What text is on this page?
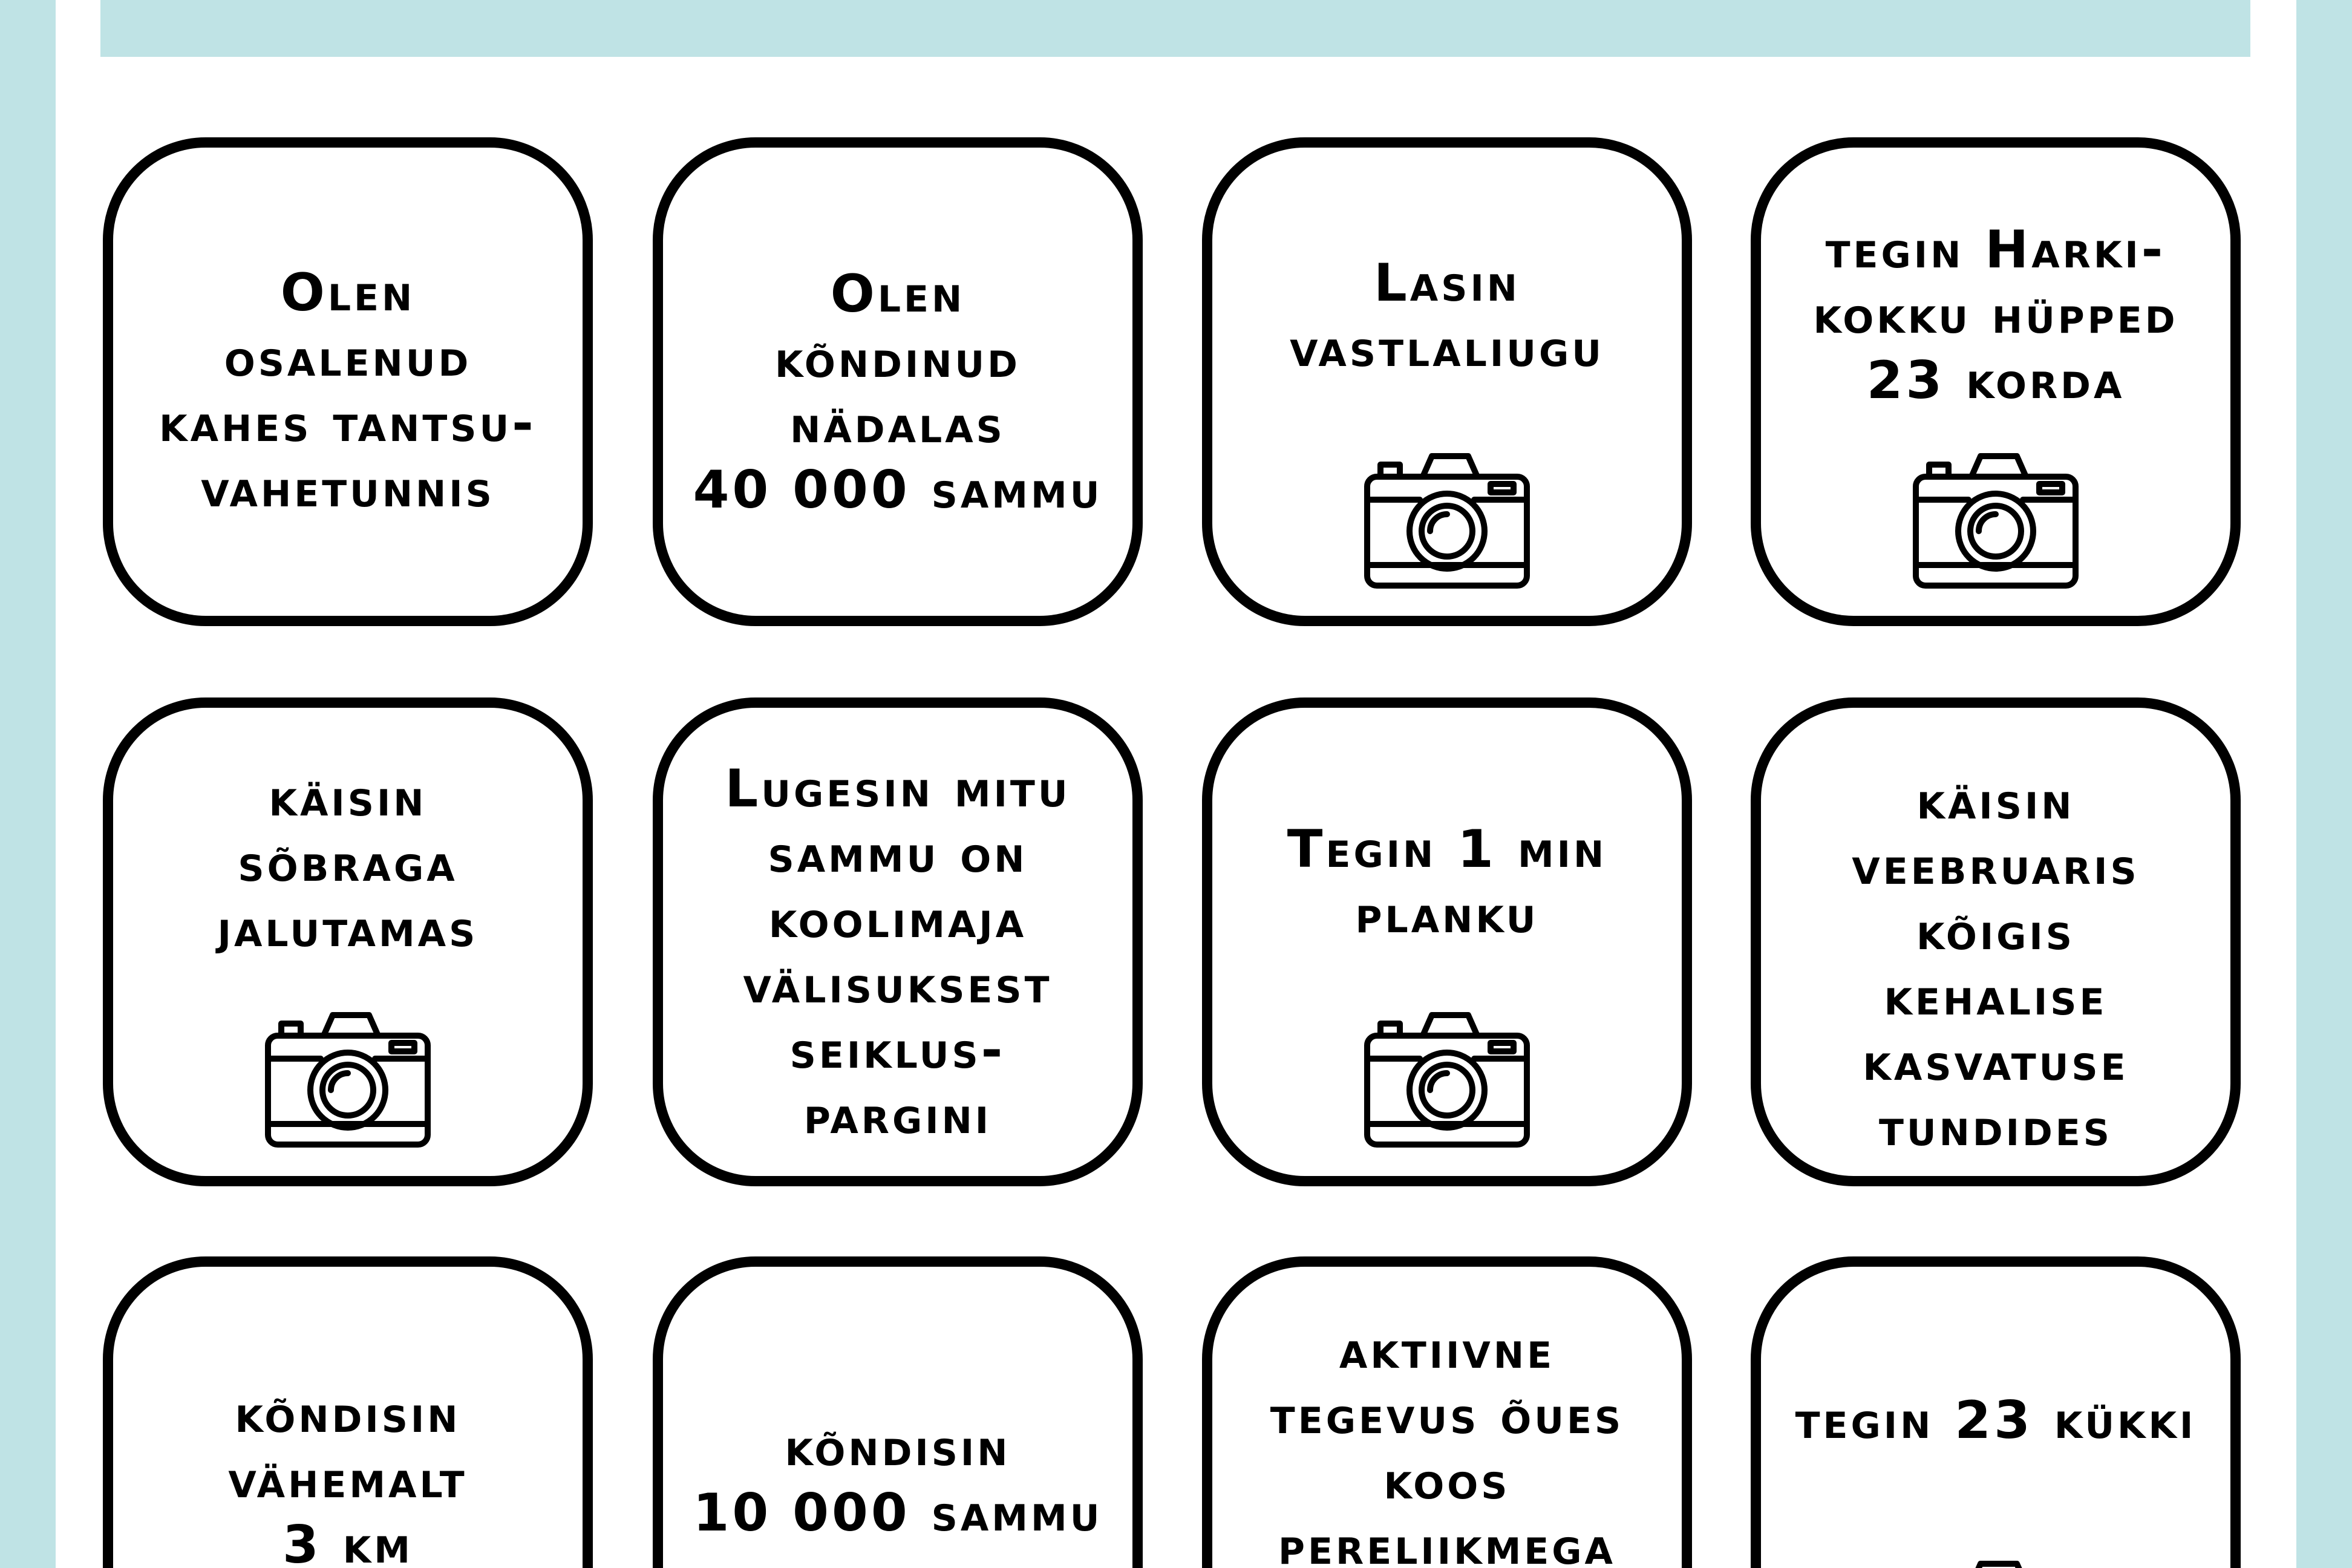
Olen
osalenud
kahes tantsu-
vahetunnis

Olen
kõndinud
nädalas
40 000 sammu

Lasin
vastlaliugu

tegin Harki-
kokku hüpped
23 korda

käisin
sõbraga
jalutamas

Lugesin mitu
sammu on
koolimaja
välisuksest
seiklus-
pargini

Tegin 1 min
planku

käisin
veebruaris
kõigis
kehalise
kasvatuse
tundides

kõndisin
vähemalt
3 km

kõndisin
10 000 sammu

aktiivne
tegevus õues
koos
pereliikmega

tegin 23 kükki
